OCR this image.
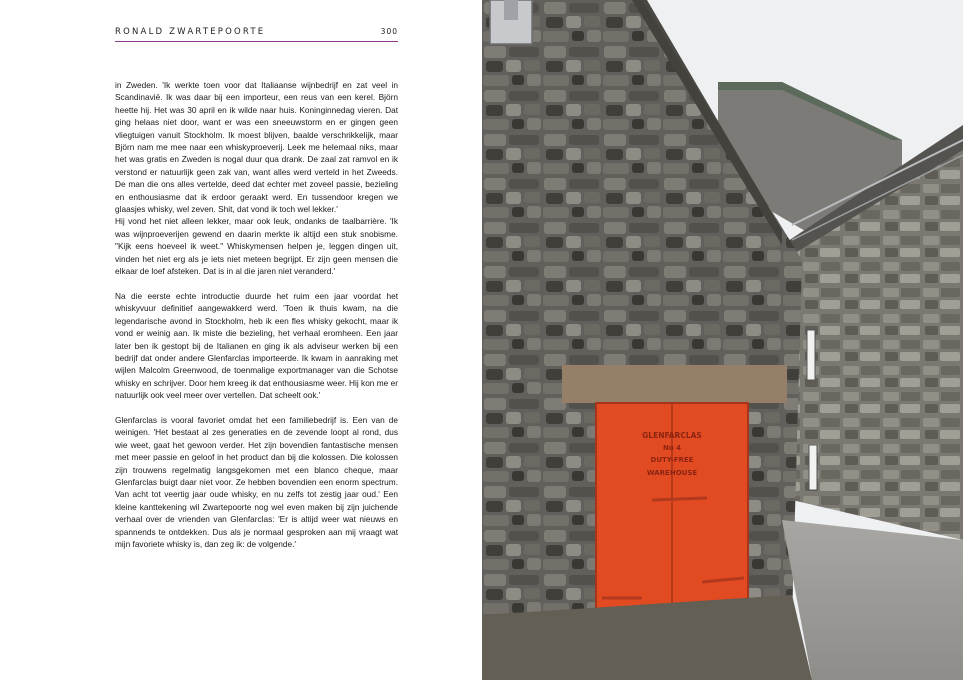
RONALD ZWARTEPOORTE	300

in Zweden. 'Ik werkte toen voor dat Italiaanse wijnbedrijf en zat veel in Scandinavië. Ik was daar bij een importeur, een reus van een kerel. Björn heette hij. Het was 30 april en ik wilde naar huis. Koninginnedag vieren. Dat ging helaas niet door, want er was een sneeuwstorm en er gingen geen vliegtuigen vanuit Stockholm. Ik moest blijven, baalde verschrikkelijk, maar Björn nam me mee naar een whiskyproeverij. Leek me helemaal niks, maar het was gratis en Zweden is nogal duur qua drank. De zaal zat ramvol en ik verstond er natuurlijk geen zak van, want alles werd verteld in het Zweeds. De man die ons alles vertelde, deed dat echter met zoveel passie, bezieling en enthousiasme dat ik erdoor geraakt werd. En tussendoor kregen we glaasjes whisky, wel zeven. Shit, dat vond ik toch wel lekker.'

Hij vond het niet alleen lekker, maar ook leuk, ondanks de taalbarrière. 'Ik was wijnproeverijen gewend en daarin merkte ik altijd een stuk snobisme. "Kijk eens hoeveel ik weet." Whiskymensen helpen je, leggen dingen uit, vinden het niet erg als je iets niet meteen begrijpt. Er zijn geen mensen die elkaar de loef afsteken. Dat is in al die jaren niet veranderd.'

Na die eerste echte introductie duurde het ruim een jaar voordat het whiskyvuur definitief aangewakkerd werd. 'Toen ik thuis kwam, na die legendarische avond in Stockholm, heb ik een fles whisky gekocht, maar ik vond er weinig aan. Ik miste die bezieling, het verhaal eromheen. Een jaar later ben ik gestopt bij de Italianen en ging ik als adviseur werken bij een bedrijf dat onder andere Glenfarclas importeerde. Ik kwam in aanraking met wijlen Malcolm Greenwood, de toenmalige exportmanager van die Schotse whisky en schrijver. Door hem kreeg ik dat enthousiasme weer. Hij kon me er natuurlijk ook veel meer over vertellen. Dat scheelt ook.'

Glenfarclas is vooral favoriet omdat het een familiebedrijf is. Een van de weinigen. 'Het bestaat al zes generaties en de zevende loopt al rond, dus wie weet, gaat het gewoon verder. Het zijn bovendien fantastische mensen met meer passie en geloof in het product dan bij die kolossen. Die kolossen zijn trouwens regelmatig langsgekomen met een blanco cheque, maar Glenfarclas buigt daar niet voor. Ze hebben bovendien een enorm spectrum. Van acht tot veertig jaar oude whisky, en nu zelfs tot zestig jaar oud.' Een kleine kanttekening wil Zwartepoorte nog wel even maken bij zijn juichende verhaal over de vrienden van Glenfarclas: 'Er is altijd weer wat nieuws en spannends te ontdekken. Dus als je normaal gesproken aan mij vraagt wat mijn favoriete whisky is, dan zeg ik: de volgende.'

GLENFARCLAS
No 4
DUTY-FREE
WAREHOUSE
